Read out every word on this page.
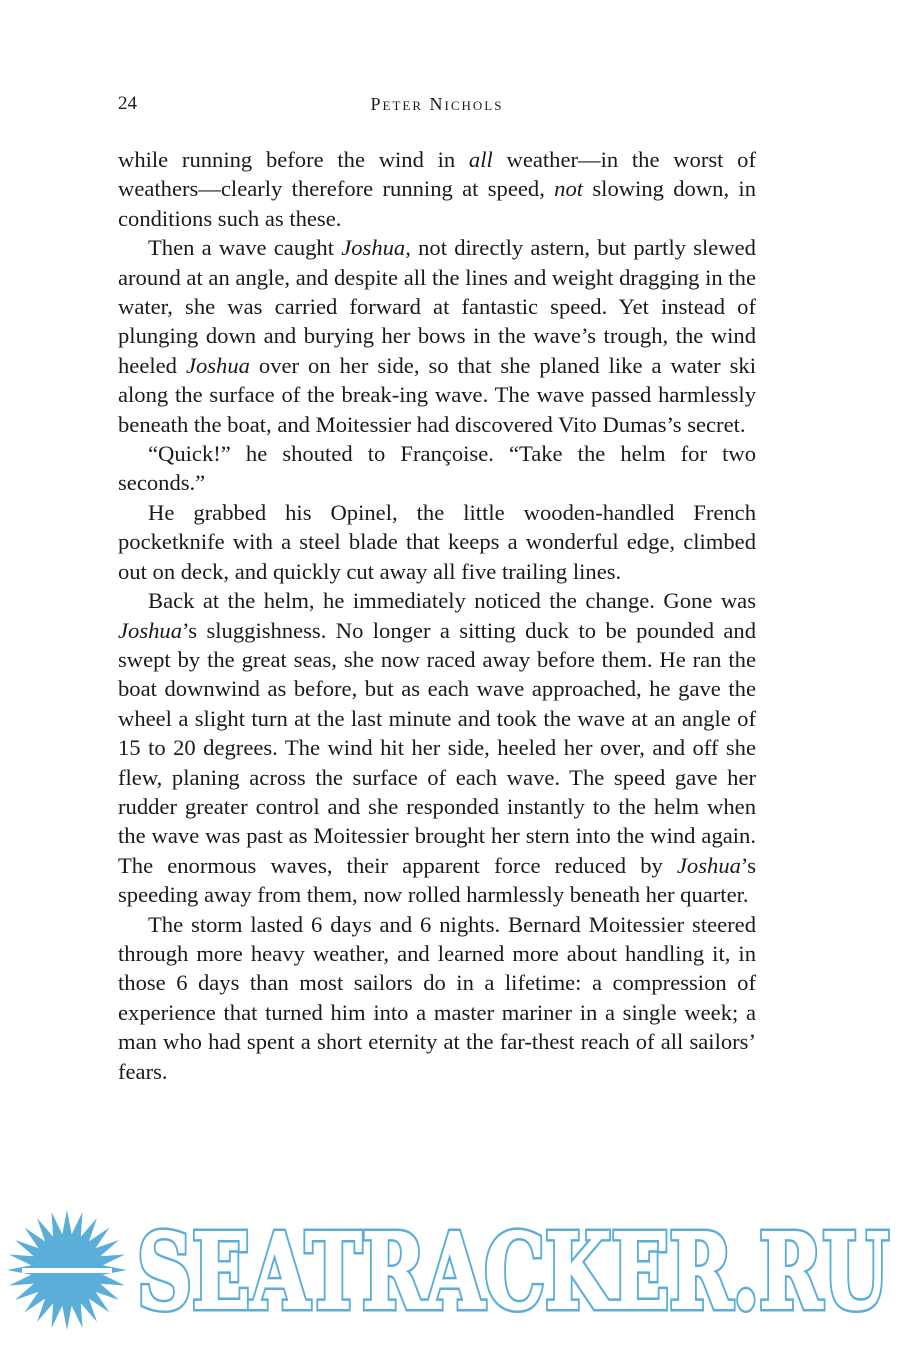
24	Peter Nichols

while running before the wind in all weather—in the worst of weathers—clearly therefore running at speed, not slowing down, in conditions such as these.

Then a wave caught Joshua, not directly astern, but partly slewed around at an angle, and despite all the lines and weight dragging in the water, she was carried forward at fantastic speed. Yet instead of plunging down and burying her bows in the wave’s trough, the wind heeled Joshua over on her side, so that she planed like a water ski along the surface of the break-ing wave. The wave passed harmlessly beneath the boat, and Moitessier had discovered Vito Dumas’s secret.

“Quick!” he shouted to Françoise. “Take the helm for two seconds.”

He grabbed his Opinel, the little wooden-handled French pocketknife with a steel blade that keeps a wonderful edge, climbed out on deck, and quickly cut away all five trailing lines.

Back at the helm, he immediately noticed the change. Gone was Joshua’s sluggishness. No longer a sitting duck to be pounded and swept by the great seas, she now raced away before them. He ran the boat downwind as before, but as each wave approached, he gave the wheel a slight turn at the last minute and took the wave at an angle of 15 to 20 degrees. The wind hit her side, heeled her over, and off she flew, planing across the surface of each wave. The speed gave her rudder greater control and she responded instantly to the helm when the wave was past as Moitessier brought her stern into the wind again. The enormous waves, their apparent force reduced by Joshua’s speeding away from them, now rolled harmlessly beneath her quarter.

The storm lasted 6 days and 6 nights. Bernard Moitessier steered through more heavy weather, and learned more about handling it, in those 6 days than most sailors do in a lifetime: a compression of experience that turned him into a master mariner in a single week; a man who had spent a short eternity at the far-thest reach of all sailors’ fears.

SEATRACKER.RU
SEATRACKER.RU
